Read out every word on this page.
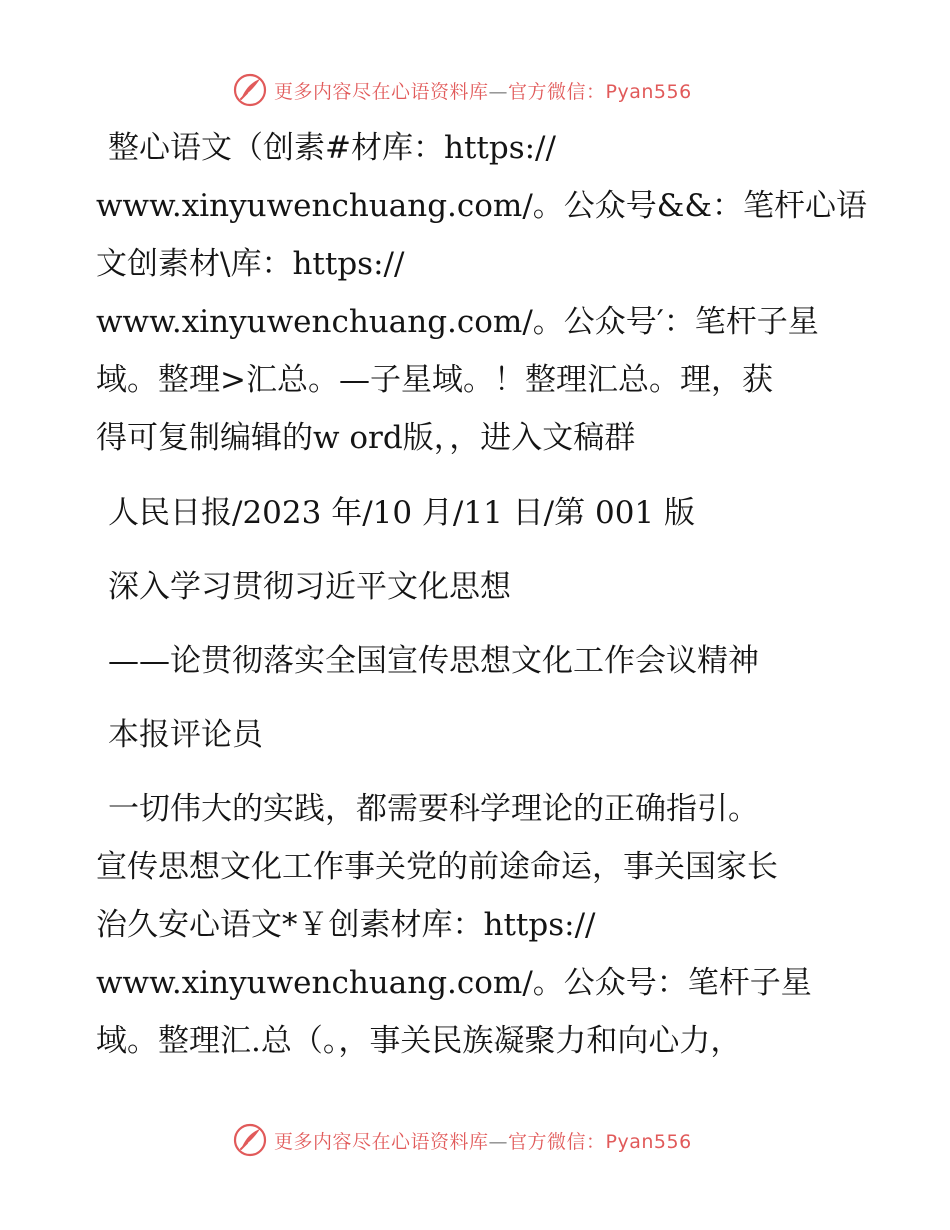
更多内容尽在心语资料库—官方微信：Pyan556
整心语文（创素#材库：https://
www.xinyuwenchuang.com/。公众号&&：笔杆心语
文创素材\库：https://
www.xinyuwenchuang.com/。公众号′：笔杆子星
域。整理>汇总。—子星域。！整理汇总。理，获
得可复制编辑的w ord版，，进入文稿群
人民日报/2023 年/10 月/11 日/第 001 版
深入学习贯彻习近平文化思想
——论贯彻落实全国宣传思想文化工作会议精神
本报评论员
一切伟大的实践，都需要科学理论的正确指引。
宣传思想文化工作事关党的前途命运，事关国家长
治久安心语文*￥创素材库：https://
www.xinyuwenchuang.com/。公众号：笔杆子星
域。整理汇.总（。，事关民族凝聚力和向心力，
更多内容尽在心语资料库—官方微信：Pyan556
